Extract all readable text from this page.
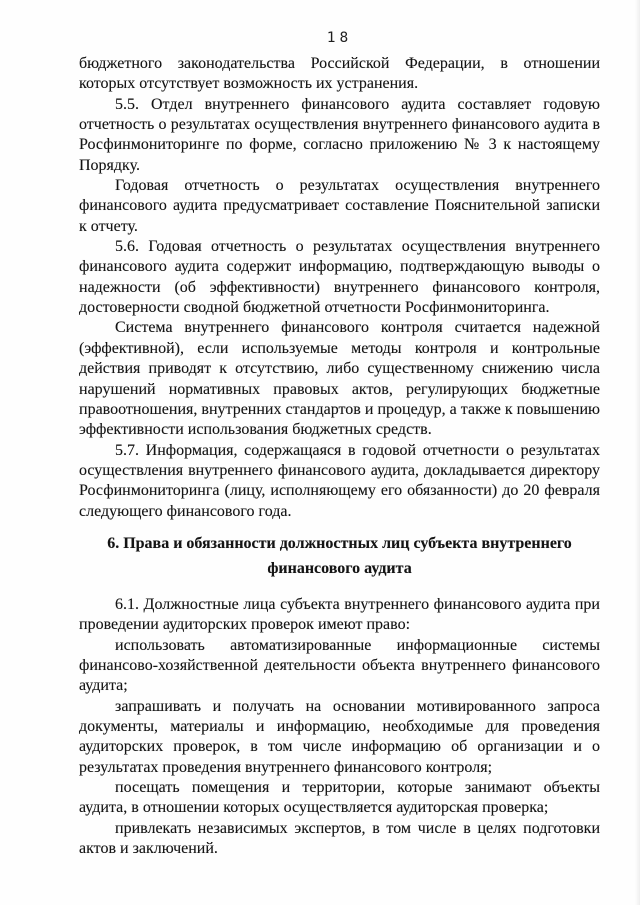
18

бюджетного законодательства Российской Федерации, в отношении которых отсутствует возможность их устранения.

5.5. Отдел внутреннего финансового аудита составляет годовую отчетность о результатах осуществления внутреннего финансового аудита в Росфинмониторинге по форме, согласно приложению № 3 к настоящему Порядку.

Годовая отчетность о результатах осуществления внутреннего финансового аудита предусматривает составление Пояснительной записки к отчету.

5.6. Годовая отчетность о результатах осуществления внутреннего финансового аудита содержит информацию, подтверждающую выводы о надежности (об эффективности) внутреннего финансового контроля, достоверности сводной бюджетной отчетности Росфинмониторинга.

Система внутреннего финансового контроля считается надежной (эффективной), если используемые методы контроля и контрольные действия приводят к отсутствию, либо существенному снижению числа нарушений нормативных правовых актов, регулирующих бюджетные правоотношения, внутренних стандартов и процедур, а также к повышению эффективности использования бюджетных средств.

5.7. Информация, содержащаяся в годовой отчетности о результатах осуществления внутреннего финансового аудита, докладывается директору Росфинмониторинга (лицу, исполняющему его обязанности) до 20 февраля следующего финансового года.

6. Права и обязанности должностных лиц субъекта внутреннего финансового аудита

6.1. Должностные лица субъекта внутреннего финансового аудита при проведении аудиторских проверок имеют право:

использовать автоматизированные информационные системы финансово-хозяйственной деятельности объекта внутреннего финансового аудита;

запрашивать и получать на основании мотивированного запроса документы, материалы и информацию, необходимые для проведения аудиторских проверок, в том числе информацию об организации и о результатах проведения внутреннего финансового контроля;

посещать помещения и территории, которые занимают объекты аудита, в отношении которых осуществляется аудиторская проверка;

привлекать независимых экспертов, в том числе в целях подготовки актов и заключений.
